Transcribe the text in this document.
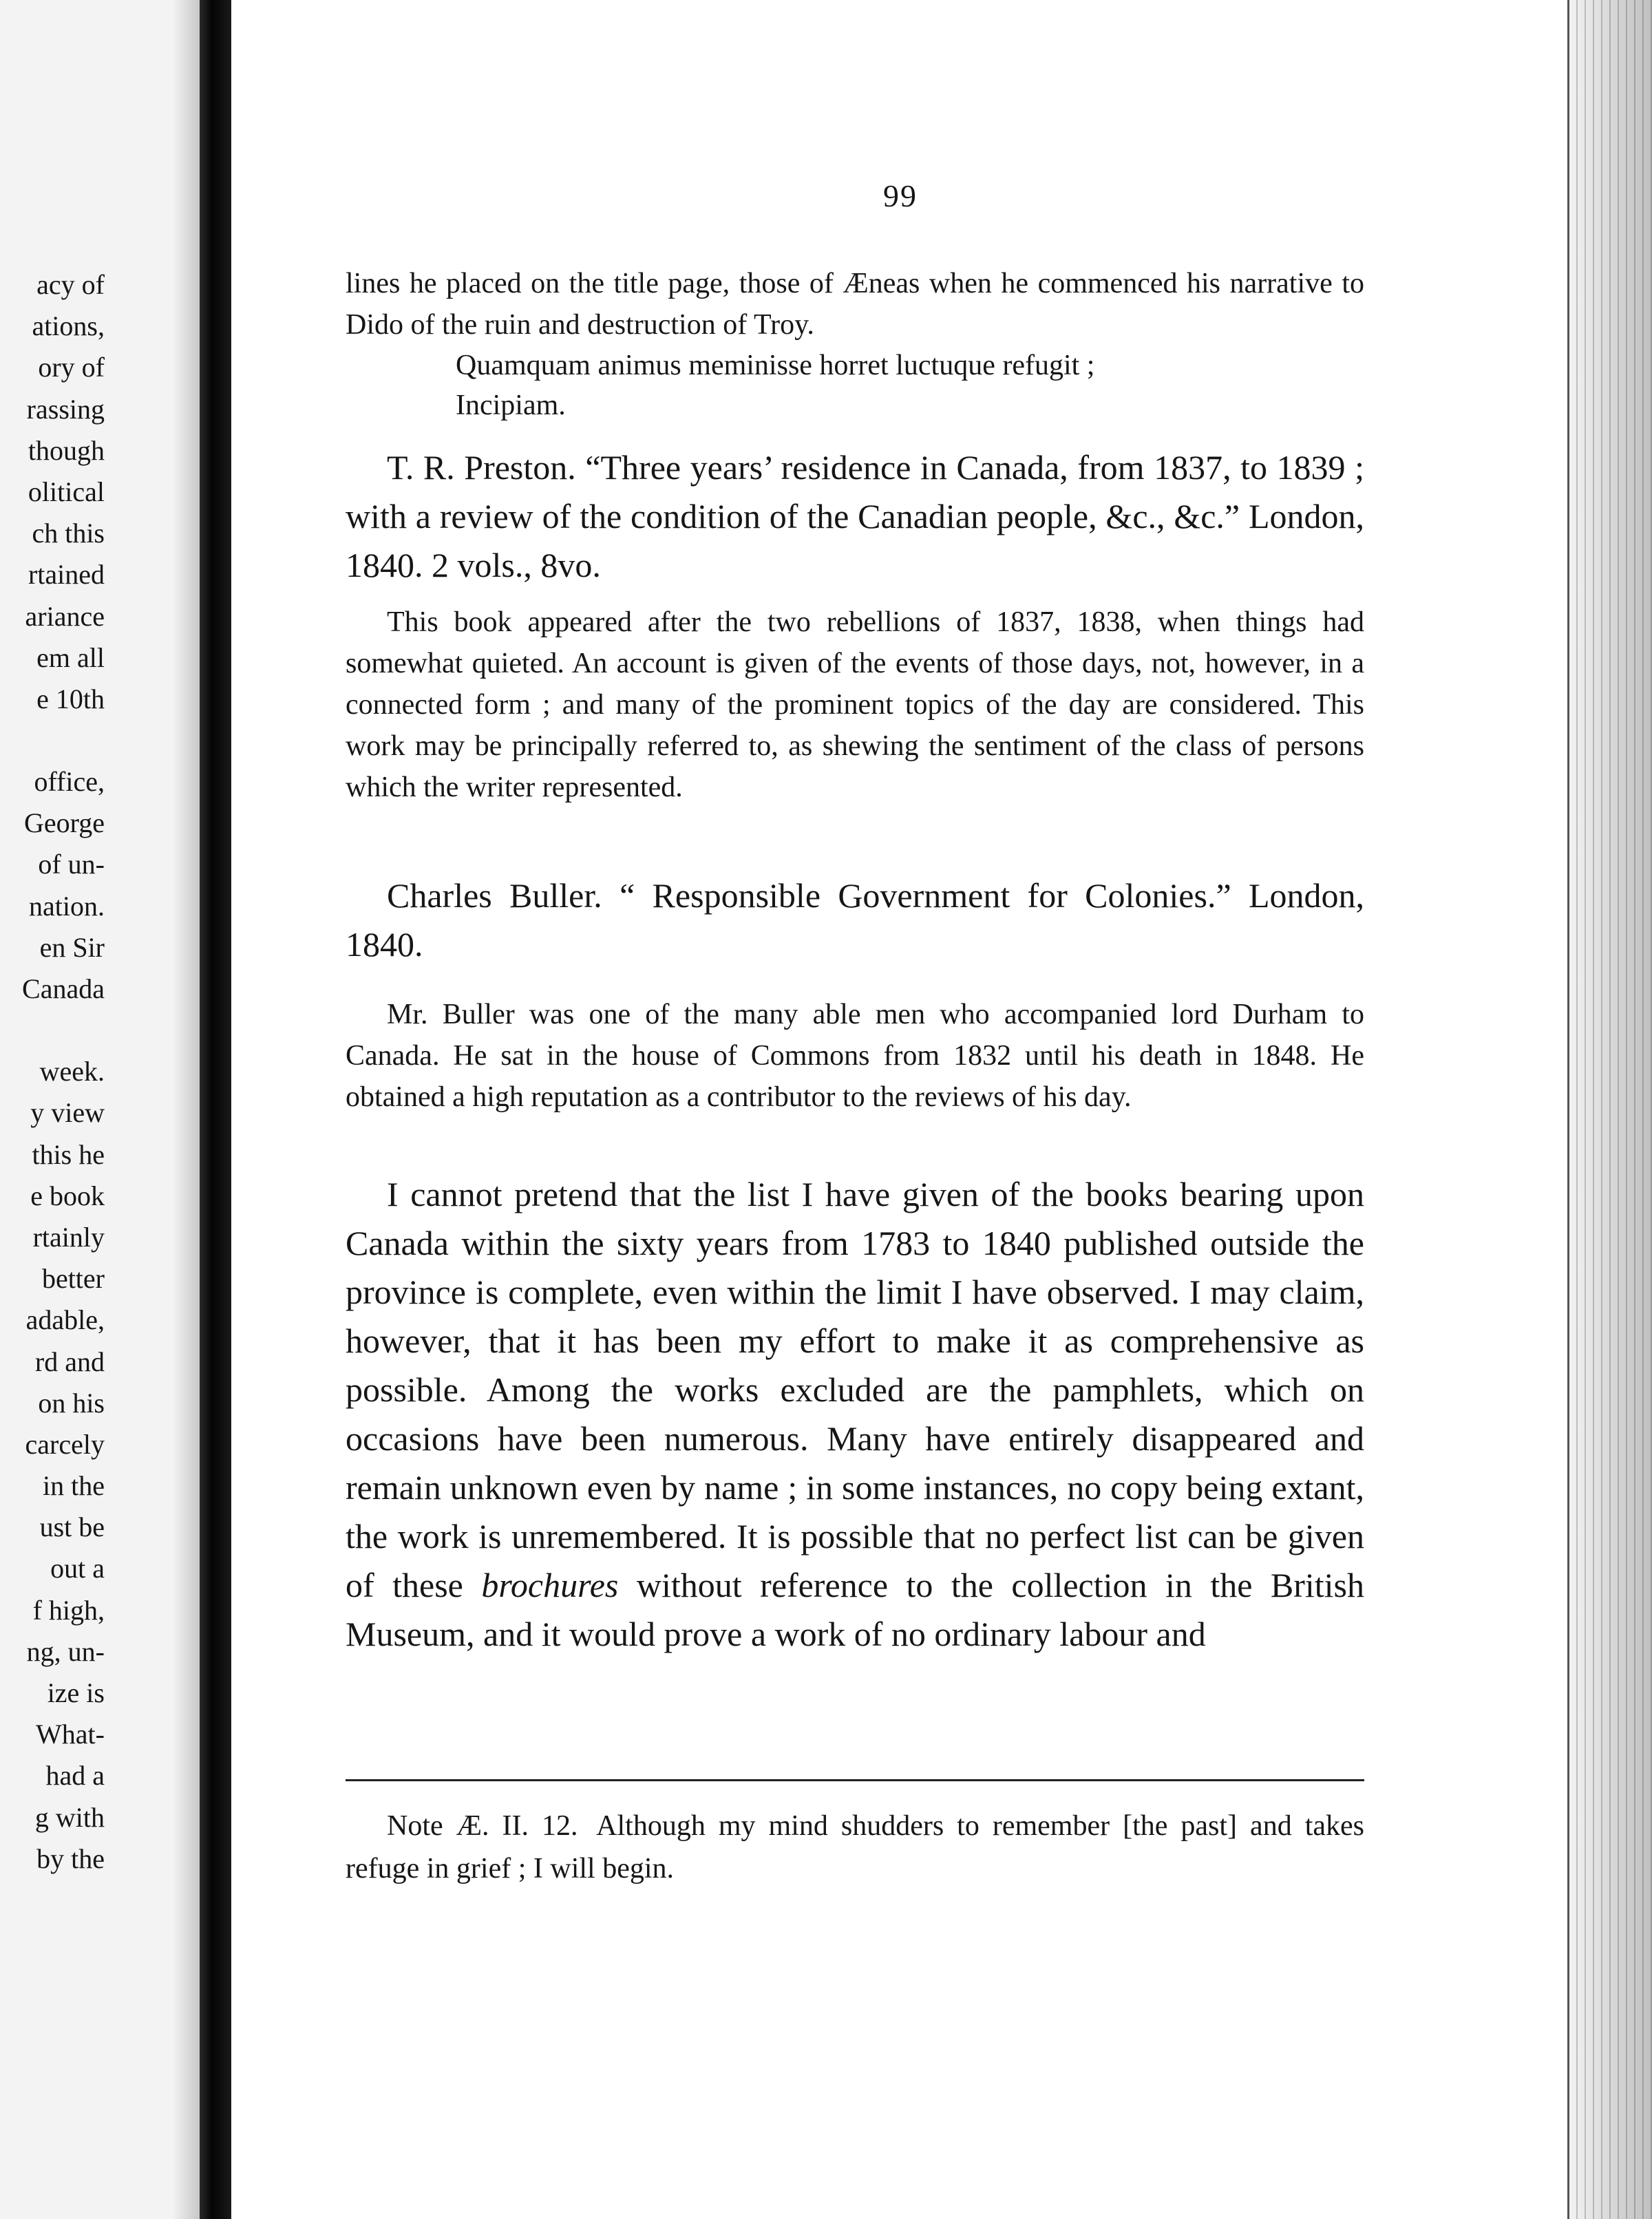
acy of
ations,
ory of
rassing
though
olitical
ch this
rtained
ariance
em all
e 10th
office,
George
of un-
nation.
en Sir
Canada
week.
y view
this he
e book
rtainly
better
adable,
rd and
on his
carcely
in the
ust be
out a
f high,
ng, un-
ize is
What-
had a
g with
by the
99

lines he placed on the title page, those of Æneas when he commenced his narrative to Dido of the ruin and destruction of Troy.

Quamquam animus meminisse horret luctuque refugit ;

Incipiam.

T. R. Preston. “Three years’ residence in Canada, from 1837, to 1839 ; with a review of the condition of the Canadian people, &c., &c.” London, 1840. 2 vols., 8vo.

This book appeared after the two rebellions of 1837, 1838, when things had somewhat quieted. An account is given of the events of those days, not, however, in a connected form ; and many of the prominent topics of the day are considered. This work may be principally referred to, as shewing the sentiment of the class of persons which the writer represented.

Charles Buller. “ Responsible Government for Colonies.” London, 1840.

Mr. Buller was one of the many able men who accompanied lord Durham to Canada. He sat in the house of Commons from 1832 until his death in 1848. He obtained a high reputation as a contributor to the reviews of his day.

I cannot pretend that the list I have given of the books bearing upon Canada within the sixty years from 1783 to 1840 published outside the province is complete, even within the limit I have observed. I may claim, however, that it has been my effort to make it as comprehensive as possible. Among the works excluded are the pamphlets, which on occasions have been numerous. Many have entirely disappeared and remain unknown even by name ; in some instances, no copy being extant, the work is unremembered. It is possible that no perfect list can be given of these brochures without reference to the collection in the British Museum, and it would prove a work of no ordinary labour and

Note Æ. II. 12. Although my mind shudders to remember [the past] and takes refuge in grief ; I will begin.
